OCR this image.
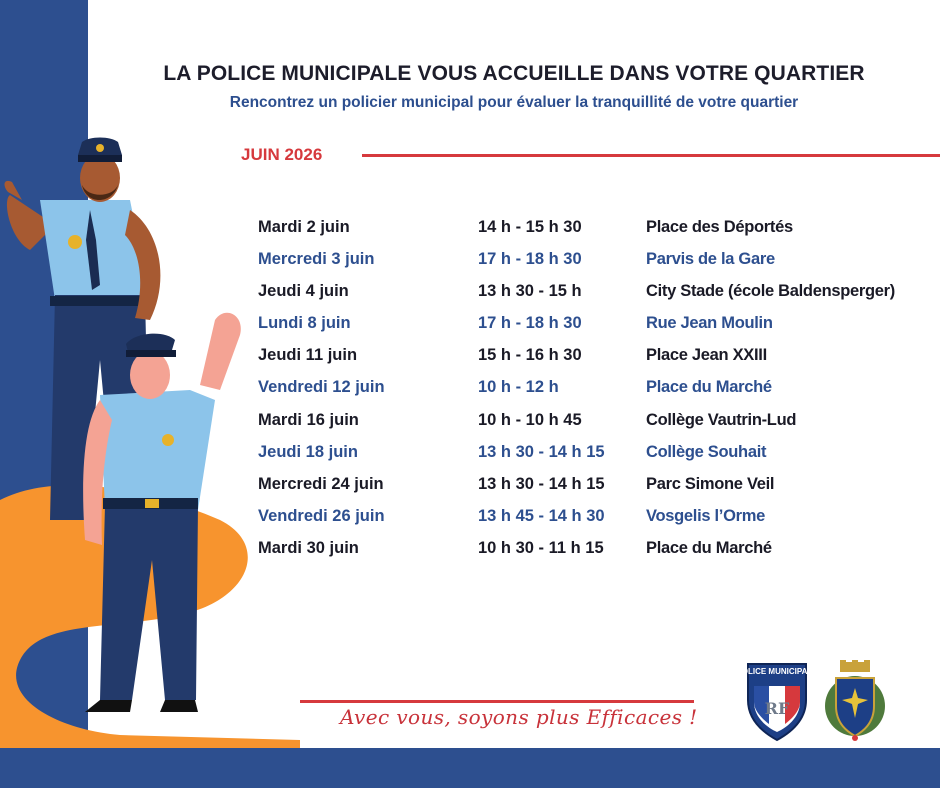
LA POLICE MUNICIPALE VOUS ACCUEILLE DANS VOTRE QUARTIER
Rencontrez un policier municipal pour évaluer la tranquillité de votre quartier
JUIN 2026
Mardi 2 juin	14 h - 15 h 30	Place des Déportés
Mercredi 3 juin	17 h - 18 h 30	Parvis de la Gare
Jeudi 4 juin	13 h 30 - 15 h	City Stade (école Baldensperger)
Lundi 8 juin	17 h - 18 h 30	Rue Jean Moulin
Jeudi 11 juin	15 h - 16 h 30	Place Jean XXIII
Vendredi 12 juin	10 h - 12 h	Place du Marché
Mardi 16 juin	10 h - 10 h 45	Collège Vautrin-Lud
Jeudi 18 juin	13 h 30 - 14 h 15	Collège Souhait
Mercredi 24 juin	13 h 30 - 14 h 15	Parc Simone Veil
Vendredi 26 juin	13 h 45 - 14 h 30	Vosgelis l’Orme
Mardi 30 juin	10 h 30 - 11 h 15	Place du Marché
Avec vous, soyons plus Efficaces !
POLICE MUNICIPALE
RF
